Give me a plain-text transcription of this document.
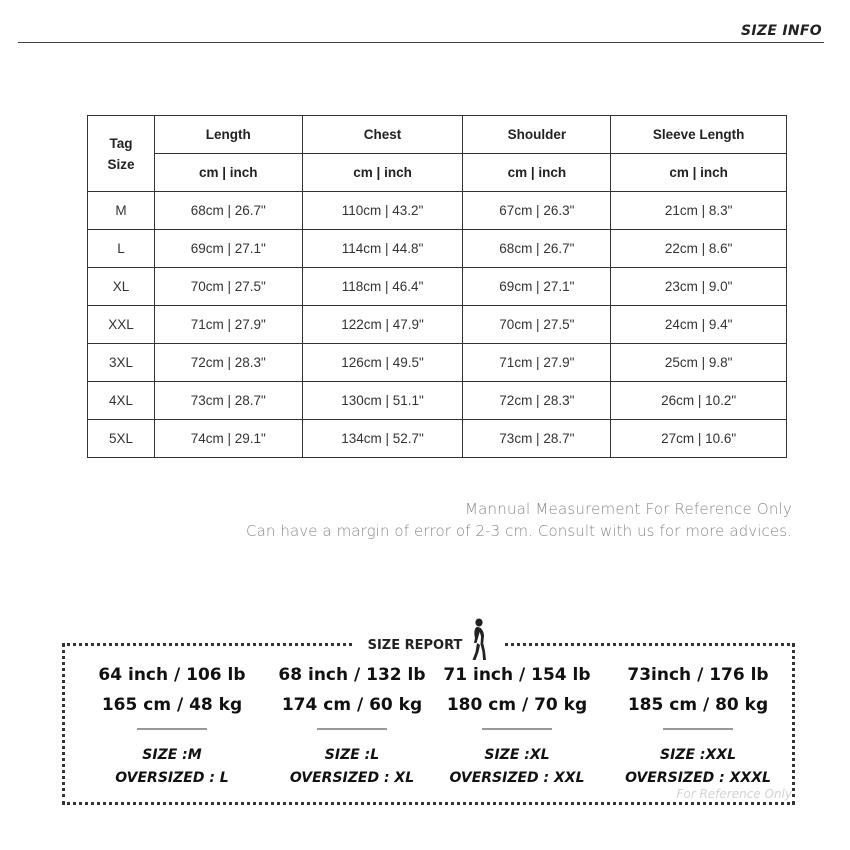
SIZE INFO
Tag
Size	Length	Chest	Shoulder	Sleeve Length
	cm | inch	cm | inch	cm | inch	cm | inch
M	68cm | 26.7"	110cm | 43.2"	67cm | 26.3"	21cm | 8.3"
L	69cm | 27.1"	114cm | 44.8"	68cm | 26.7"	22cm | 8.6"
XL	70cm | 27.5"	118cm | 46.4"	69cm | 27.1"	23cm | 9.0"
XXL	71cm | 27.9"	122cm | 47.9"	70cm | 27.5"	24cm | 9.4"
3XL	72cm | 28.3"	126cm | 49.5"	71cm | 27.9"	25cm | 9.8"
4XL	73cm | 28.7"	130cm | 51.1"	72cm | 28.3"	26cm | 10.2"
5XL	74cm | 29.1"	134cm | 52.7"	73cm | 28.7"	27cm | 10.6"
Mannual Measurement For Reference Only
Can have a margin of error of 2-3 cm. Consult with us for more advices.
SIZE REPORT
64 inch / 106 lb
165 cm / 48 kg
SIZE :M
OVERSIZED : L
68 inch / 132 lb
174 cm / 60 kg
SIZE :L
OVERSIZED : XL
71 inch / 154 lb
180 cm / 70 kg
SIZE :XL
OVERSIZED : XXL
73inch / 176 lb
185 cm / 80 kg
SIZE :XXL
OVERSIZED : XXXL
For Reference Only
